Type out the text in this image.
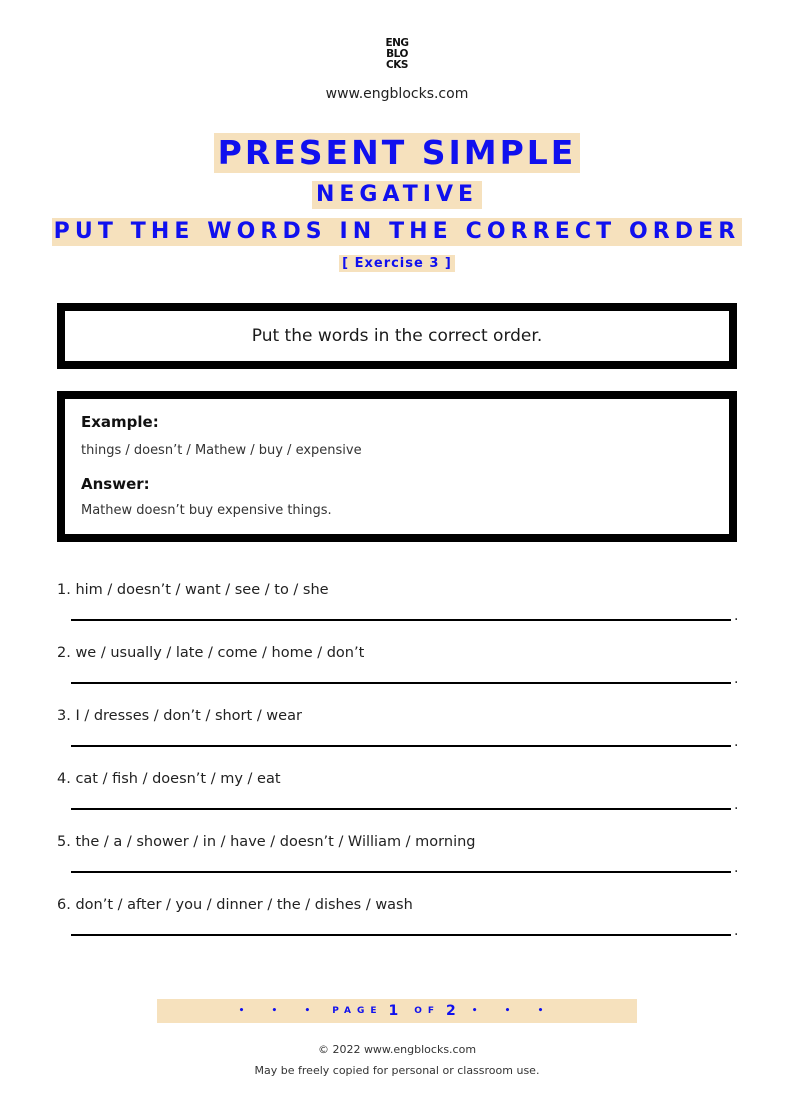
ENG
BLO
CKS
www.engblocks.com
PRESENT SIMPLE
NEGATIVE
PUT THE WORDS IN THE CORRECT ORDER
[ Exercise 3 ]
Put the words in the correct order.
Example:
things / doesn’t / Mathew / buy / expensive
Answer:
Mathew doesn’t buy expensive things.
1. him / doesn’t / want / see / to / she
.
2. we / usually / late / come / home / don’t
.
3. I / dresses / don’t / short / wear
.
4. cat / fish / doesn’t / my / eat
.
5. the / a / shower / in / have / doesn’t / William / morning
.
6. don’t / after / you / dinner / the / dishes / wash
.
• • • PAGE 1 OF 2 • • •
© 2022 www.engblocks.com
May be freely copied for personal or classroom use.
